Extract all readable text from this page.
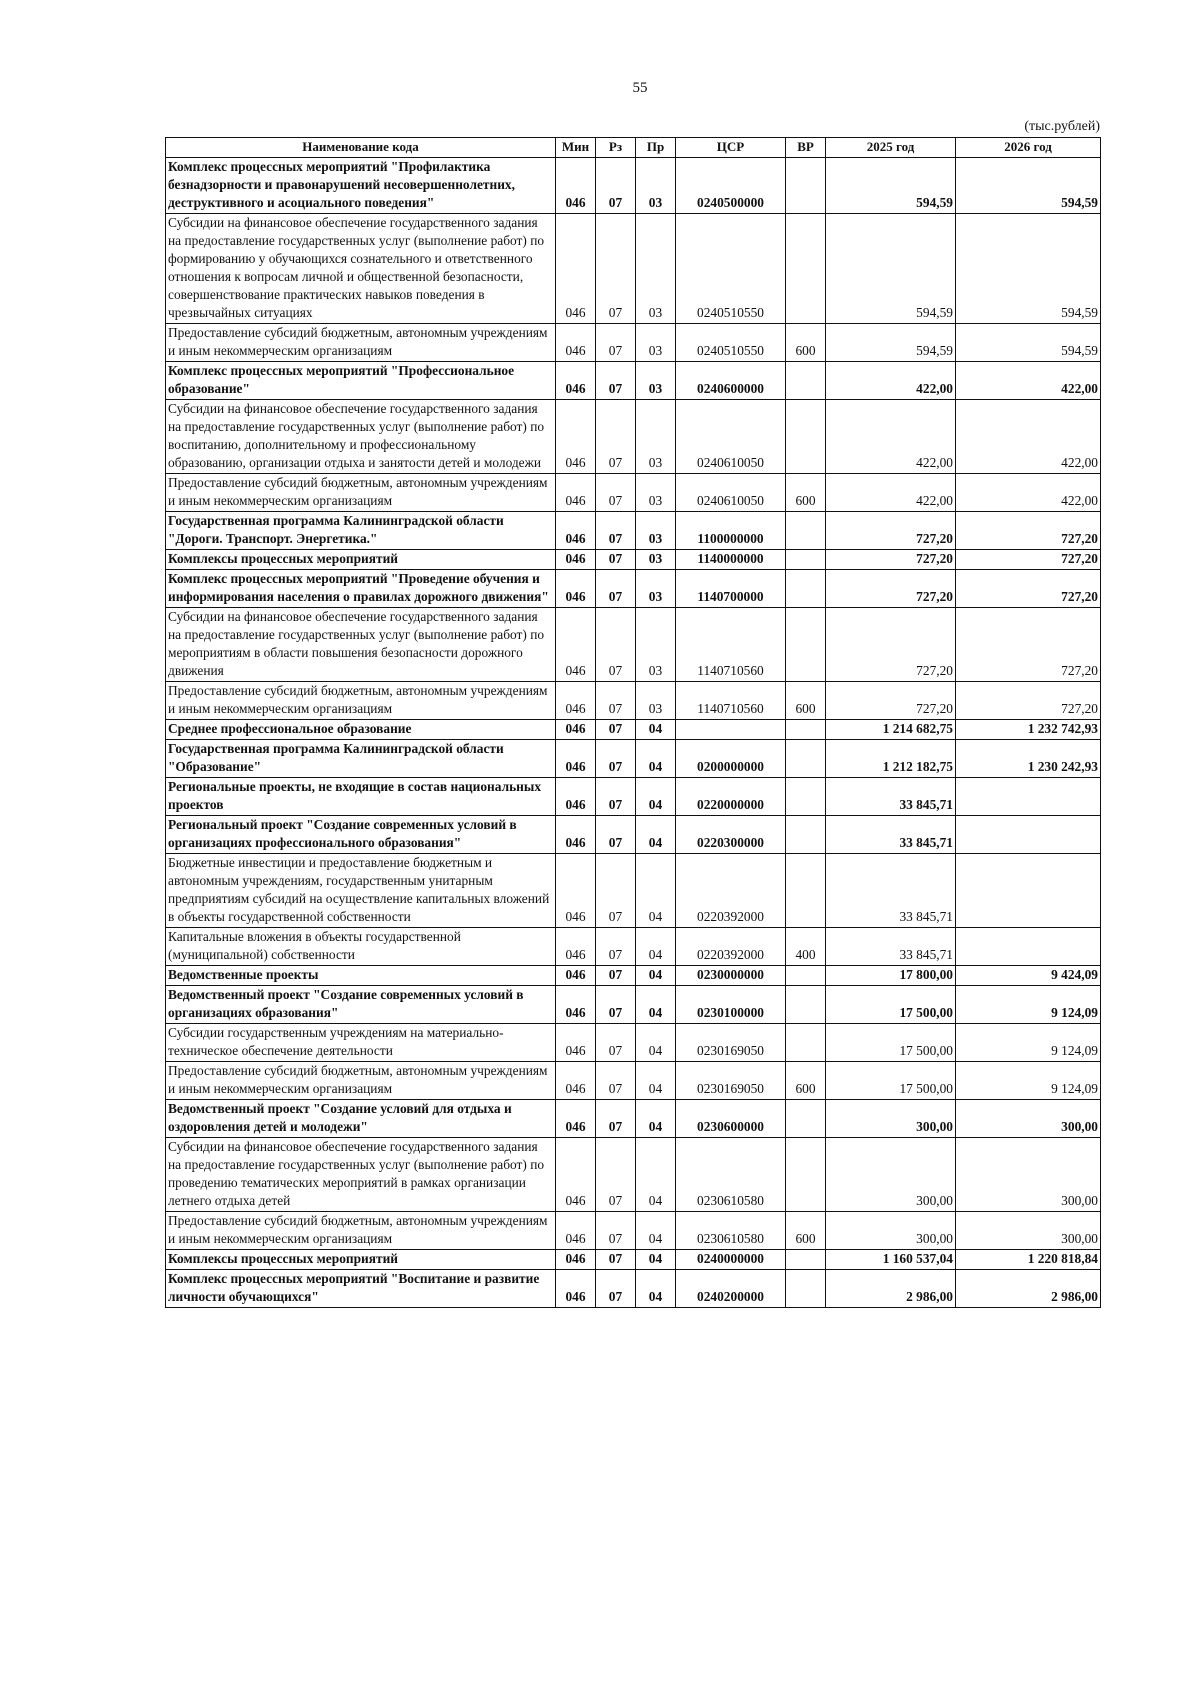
55
(тыс.рублей)
Наименование кода	Мин	Рз	Пр	ЦСР	ВР	2025 год	2026 год
Комплекс процессных мероприятий "Профилактика безнадзорности и правонарушений несовершеннолетних, деструктивного и асоциального поведения"	046	07	03	0240500000		594,59	594,59
Субсидии на финансовое обеспечение государственного задания на предоставление государственных услуг (выполнение работ) по формированию у обучающихся сознательного и ответственного отношения к вопросам личной и общественной безопасности, совершенствование практических навыков поведения в чрезвычайных ситуациях	046	07	03	0240510550		594,59	594,59
Предоставление субсидий бюджетным, автономным учреждениям и иным некоммерческим организациям	046	07	03	0240510550	600	594,59	594,59
Комплекс процессных мероприятий "Профессиональное образование"	046	07	03	0240600000		422,00	422,00
Субсидии на финансовое обеспечение государственного задания на предоставление государственных услуг (выполнение работ) по воспитанию, дополнительному и профессиональному образованию, организации отдыха и занятости детей и молодежи	046	07	03	0240610050		422,00	422,00
Предоставление субсидий бюджетным, автономным учреждениям и иным некоммерческим организациям	046	07	03	0240610050	600	422,00	422,00
Государственная программа Калининградской области "Дороги. Транспорт. Энергетика."	046	07	03	1100000000		727,20	727,20
Комплексы процессных мероприятий	046	07	03	1140000000		727,20	727,20
Комплекс процессных мероприятий "Проведение обучения и информирования населения о правилах дорожного движения"	046	07	03	1140700000		727,20	727,20
Субсидии на финансовое обеспечение государственного задания на предоставление государственных услуг (выполнение работ) по мероприятиям в области повышения безопасности дорожного движения	046	07	03	1140710560		727,20	727,20
Предоставление субсидий бюджетным, автономным учреждениям и иным некоммерческим организациям	046	07	03	1140710560	600	727,20	727,20
Среднее профессиональное образование	046	07	04			1 214 682,75	1 232 742,93
Государственная программа Калининградской области "Образование"	046	07	04	0200000000		1 212 182,75	1 230 242,93
Региональные проекты, не входящие в состав национальных проектов	046	07	04	0220000000		33 845,71	
Региональный проект "Создание современных условий в организациях профессионального образования"	046	07	04	0220300000		33 845,71	
Бюджетные инвестиции и предоставление бюджетным и автономным учреждениям, государственным унитарным предприятиям субсидий на осуществление капитальных вложений в объекты государственной собственности	046	07	04	0220392000		33 845,71	
Капитальные вложения в объекты государственной (муниципальной) собственности	046	07	04	0220392000	400	33 845,71	
Ведомственные проекты	046	07	04	0230000000		17 800,00	9 424,09
Ведомственный проект "Создание современных условий в организациях образования"	046	07	04	0230100000		17 500,00	9 124,09
Субсидии государственным учреждениям на материально-техническое обеспечение деятельности	046	07	04	0230169050		17 500,00	9 124,09
Предоставление субсидий бюджетным, автономным учреждениям и иным некоммерческим организациям	046	07	04	0230169050	600	17 500,00	9 124,09
Ведомственный проект "Создание условий для отдыха и оздоровления детей и молодежи"	046	07	04	0230600000		300,00	300,00
Субсидии на финансовое обеспечение государственного задания на предоставление государственных услуг (выполнение работ) по проведению тематических мероприятий в рамках организации летнего отдыха детей	046	07	04	0230610580		300,00	300,00
Предоставление субсидий бюджетным, автономным учреждениям и иным некоммерческим организациям	046	07	04	0230610580	600	300,00	300,00
Комплексы процессных мероприятий	046	07	04	0240000000		1 160 537,04	1 220 818,84
Комплекс процессных мероприятий "Воспитание и развитие личности обучающихся"	046	07	04	0240200000		2 986,00	2 986,00
